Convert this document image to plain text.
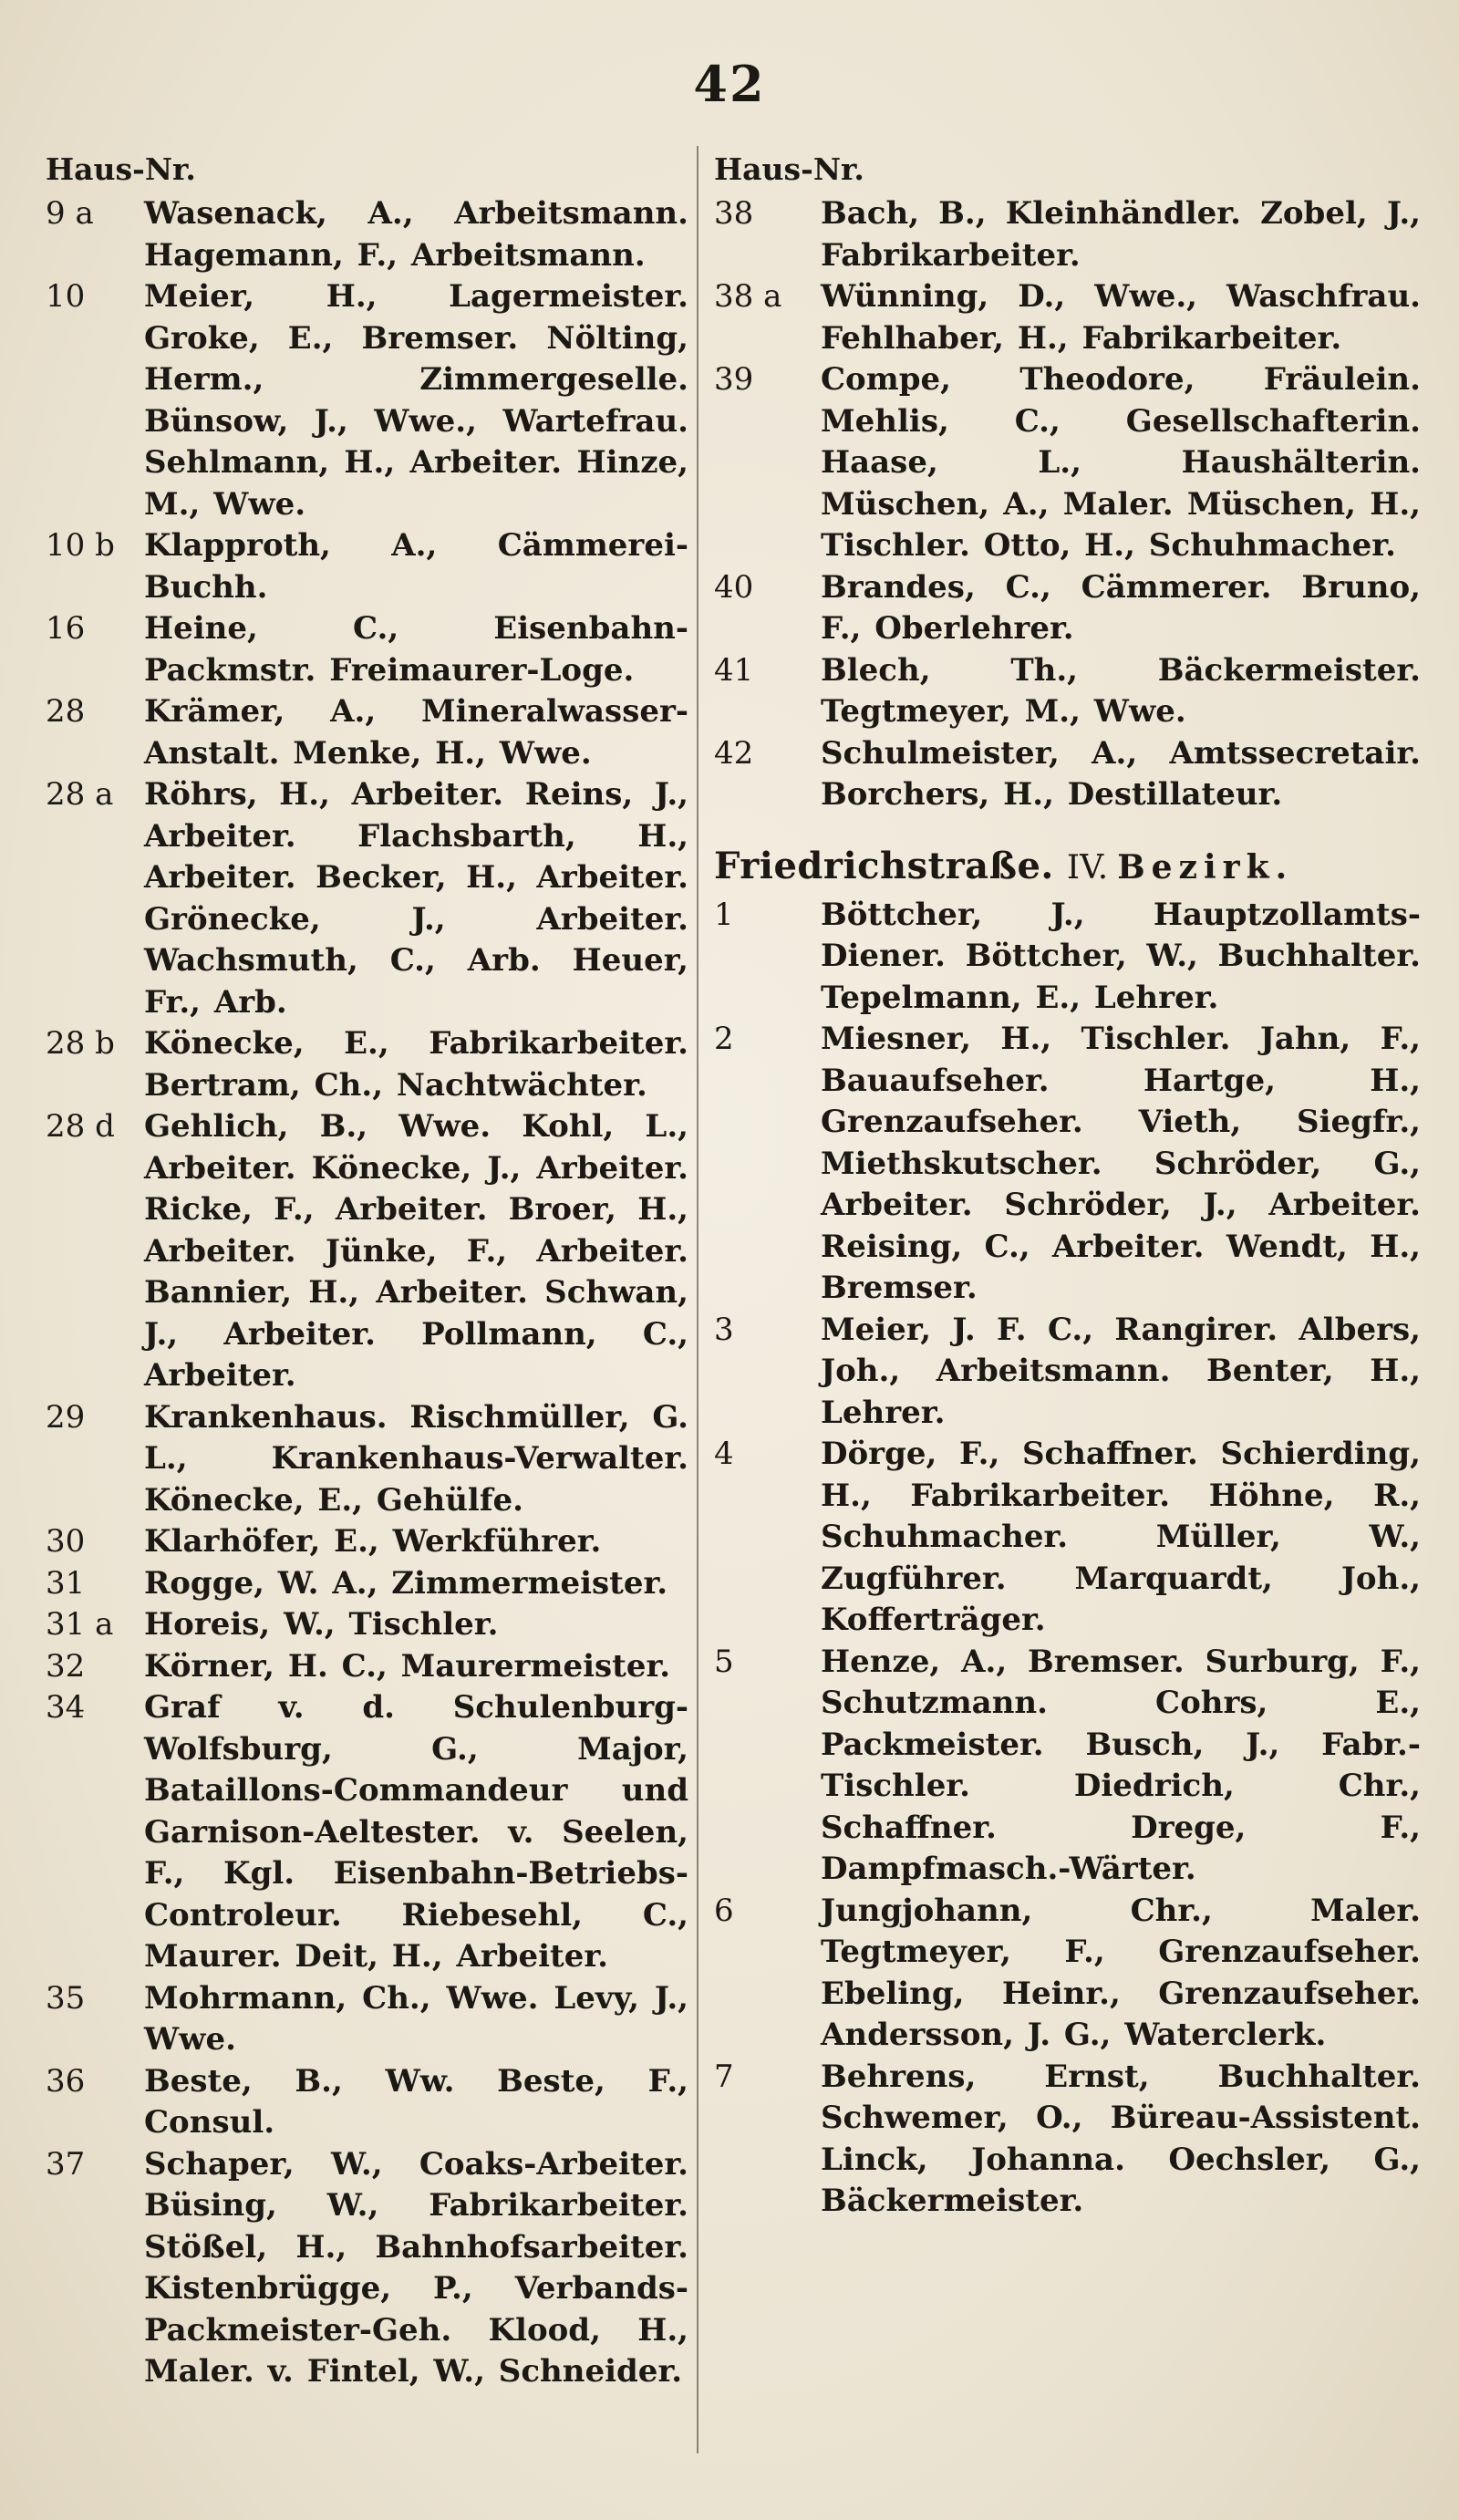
42
Haus-Nr.
9 a	Wasenack, A., Arbeitsmann. Hagemann, F., Arbeitsmann.
10	Meier, H., Lagermeister. Groke, E., Bremser. Nölting, Herm., Zimmergeselle. Bünsow, J., Wwe., Wartefrau. Sehlmann, H., Arbeiter. Hinze, M., Wwe.
10 b Klapproth, A., Cämmerei-Buchh.
16	Heine, C., Eisenbahn-Packmstr. Freimaurer-Loge.
28	Krämer, A., Mineralwasser-Anstalt. Menke, H., Wwe.
28 a Röhrs, H., Arbeiter. Reins, J., Arbeiter. Flachsbarth, H., Arbeiter. Becker, H., Arbeiter. Grönecke, J., Arbeiter. Wachsmuth, C., Arb. Heuer, Fr., Arb.
28 b Könecke, E., Fabrikarbeiter. Bertram, Ch., Nachtwächter.
28 d Gehlich, B., Wwe. Kohl, L., Arbeiter. Könecke, J., Arbeiter. Ricke, F., Arbeiter. Broer, H., Arbeiter. Jünke, F., Arbeiter. Bannier, H., Arbeiter. Schwan, J., Arbeiter. Pollmann, C., Arbeiter.
29	Krankenhaus. Rischmüller, G. L., Krankenhaus-Verwalter. Könecke, E., Gehülfe.
30	Klarhöfer, E., Werkführer.
31	Rogge, W. A., Zimmermeister.
31 a Horeis, W., Tischler.
32	Körner, H. C., Maurermeister.
34	Graf v. d. Schulenburg-Wolfsburg, G., Major, Bataillons-Commandeur und Garnison-Aeltester. v. Seelen, F., Kgl. Eisenbahn-Betriebs-Controleur. Riebesehl, C., Maurer. Deit, H., Arbeiter.
35	Mohrmann, Ch., Wwe. Levy, J., Wwe.
36	Beste, B., Ww. Beste, F., Consul.
37	Schaper, W., Coaks-Arbeiter. Büsing, W., Fabrikarbeiter. Stößel, H., Bahnhofsarbeiter. Kistenbrügge, P., Verbands-Packmeister-Geh. Klood, H., Maler. v. Fintel, W., Schneider.
Haus-Nr.
38	Bach, B., Kleinhändler. Zobel, J., Fabrikarbeiter.
38 a	Wünning, D., Wwe., Waschfrau. Fehlhaber, H., Fabrikarbeiter.
39	Compe, Theodore, Fräulein. Mehlis, C., Gesellschafterin. Haase, L., Haushälterin. Müschen, A., Maler. Müschen, H., Tischler. Otto, H., Schuhmacher.
40	Brandes, C., Cämmerer. Bruno, F., Oberlehrer.
41	Blech, Th., Bäckermeister. Tegtmeyer, M., Wwe.
42	Schulmeister, A., Amtssecretair. Borchers, H., Destillateur.
Friedrichstraße. IV. Bezirk.
1	Böttcher, J., Hauptzollamts-Diener. Böttcher, W., Buchhalter. Tepelmann, E., Lehrer.
2	Miesner, H., Tischler. Jahn, F., Bauaufseher. Hartge, H., Grenzaufseher. Vieth, Siegfr., Miethskutscher. Schröder, G., Arbeiter. Schröder, J., Arbeiter. Reising, C., Arbeiter. Wendt, H., Bremser.
3	Meier, J. F. C., Rangirer. Albers, Joh., Arbeitsmann. Benter, H., Lehrer.
4	Dörge, F., Schaffner. Schierding, H., Fabrikarbeiter. Höhne, R., Schuhmacher. Müller, W., Zugführer. Marquardt, Joh., Kofferträger.
5	Henze, A., Bremser. Surburg, F., Schutzmann. Cohrs, E., Packmeister. Busch, J., Fabr.-Tischler. Diedrich, Chr., Schaffner. Drege, F., Dampfmasch.-Wärter.
6	Jungjohann, Chr., Maler. Tegtmeyer, F., Grenzaufseher. Ebeling, Heinr., Grenzaufseher. Andersson, J. G., Waterclerk.
7	Behrens, Ernst, Buchhalter. Schwemer, O., Büreau-Assistent. Linck, Johanna. Oechsler, G., Bäckermeister.
